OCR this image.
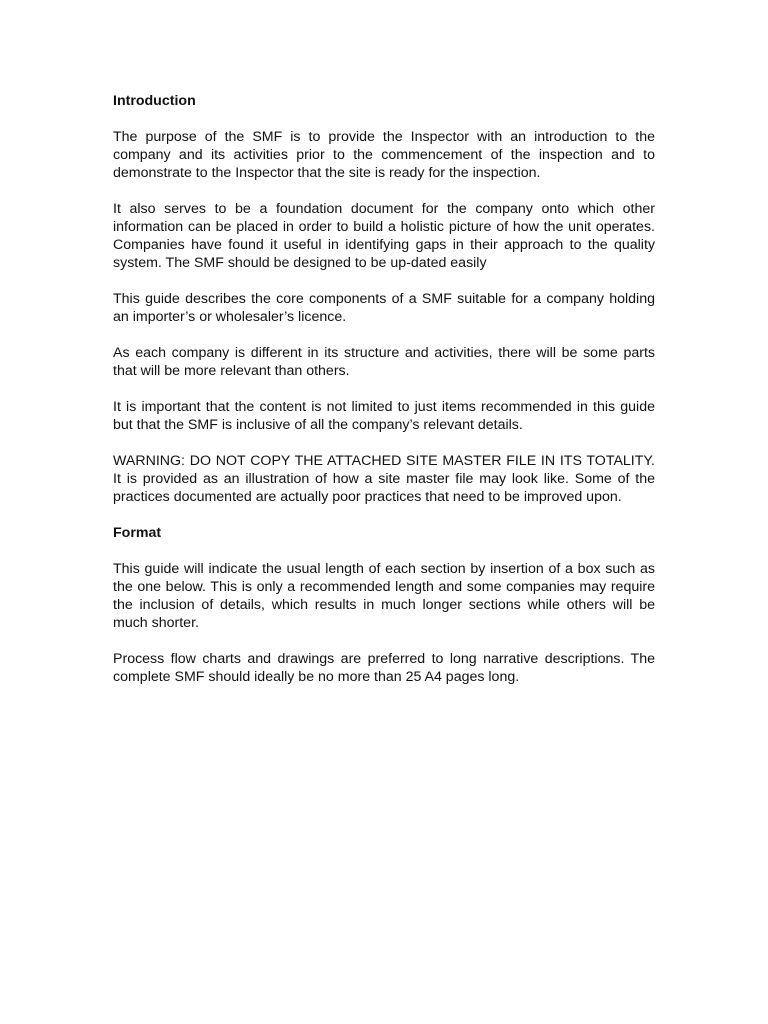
Introduction

The purpose of the SMF is to provide the Inspector with an introduction to the company and its activities prior to the commencement of the inspection and to demonstrate to the Inspector that the site is ready for the inspection.

It also serves to be a foundation document for the company onto which other information can be placed in order to build a holistic picture of how the unit operates. Companies have found it useful in identifying gaps in their approach to the quality system. The SMF should be designed to be up-dated easily

This guide describes the core components of a SMF suitable for a company holding an importer’s or wholesaler’s licence.

As each company is different in its structure and activities, there will be some parts that will be more relevant than others.

It is important that the content is not limited to just items recommended in this guide but that the SMF is inclusive of all the company’s relevant details.

WARNING: DO NOT COPY THE ATTACHED SITE MASTER FILE IN ITS TOTALITY. It is provided as an illustration of how a site master file may look like. Some of the practices documented are actually poor practices that need to be improved upon.

Format

This guide will indicate the usual length of each section by insertion of a box such as the one below. This is only a recommended length and some companies may require the inclusion of details, which results in much longer sections while others will be much shorter.

Process flow charts and drawings are preferred to long narrative descriptions. The complete SMF should ideally be no more than 25 A4 pages long.
